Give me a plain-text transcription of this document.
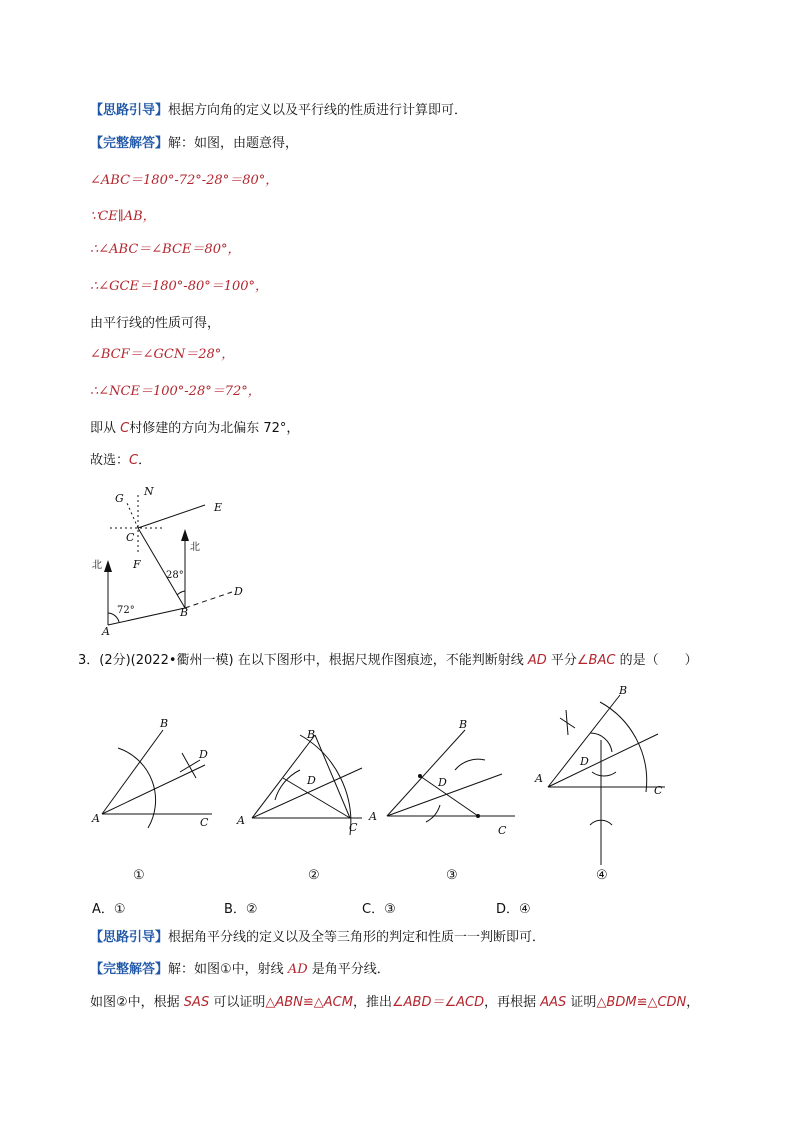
【思路引导】根据方向角的定义以及平行线的性质进行计算即可．
【完整解答】解：如图，由题意得，
∠ABC＝180°-72°-28°＝80°，
∵CE∥AB，
∴∠ABC＝∠BCE＝80°，
∴∠GCE＝180°-80°＝100°，
由平行线的性质可得，
∠BCF＝∠GCN＝28°，
∴∠NCE＝100°-28°＝72°，
即从 C村修建的方向为北偏东 72°，
故选：C．
G
N
E
C
F
B
D
A
北
北
28°
72°
3．(2分)(2022•衢州一模) 在以下图形中，根据尺规作图痕迹，不能判断射线 AD 平分∠BAC 的是（　　）
A
B
C
D
A
B
C
D
A
B
C
D	A
B
C
D
①	②	③	④
A．①	B．②	C．③	D．④
【思路引导】根据角平分线的定义以及全等三角形的判定和性质一一判断即可．
【完整解答】解：如图①中，射线 AD 是角平分线．
如图②中，根据 SAS 可以证明△ABN≌△ACM，推出∠ABD＝∠ACD，再根据 AAS 证明△BDM≌△CDN，
